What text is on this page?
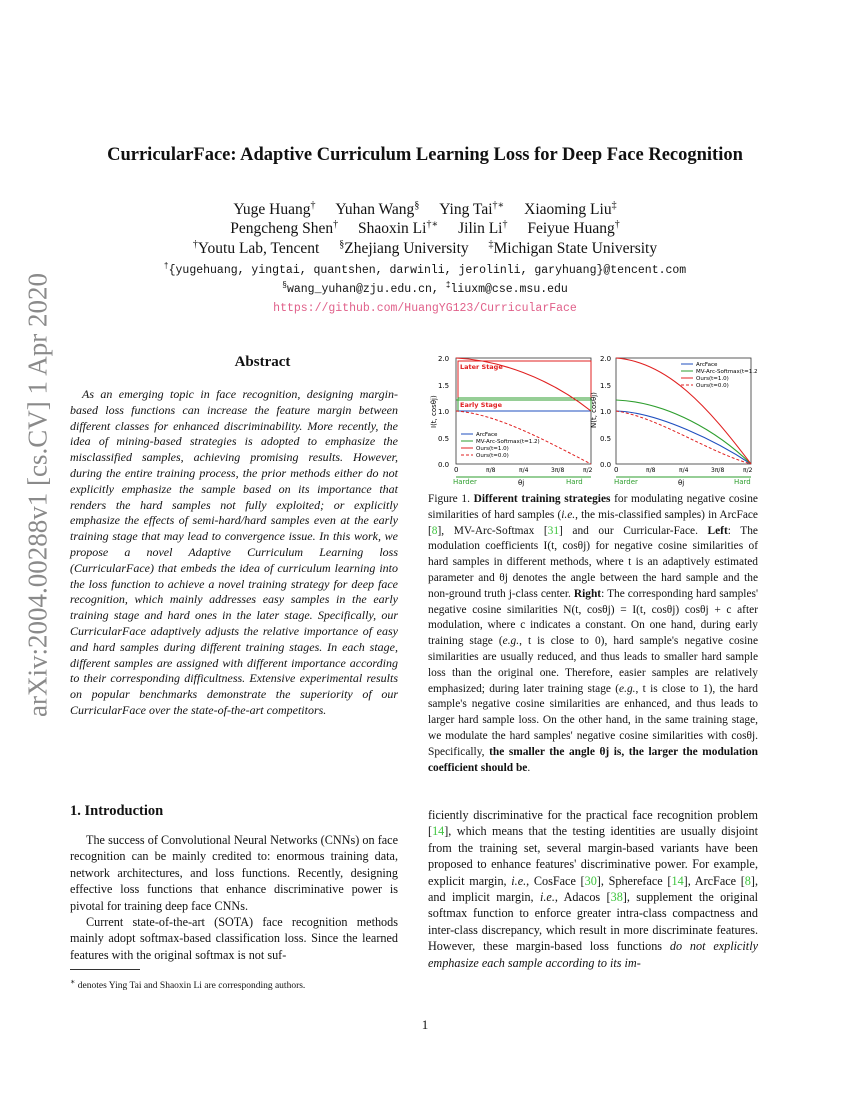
arXiv:2004.00288v1 [cs.CV] 1 Apr 2020
CurricularFace: Adaptive Curriculum Learning Loss for Deep Face Recognition
Yuge Huang† Yuhan Wang§ Ying Tai†∗ Xiaoming Liu‡
Pengcheng Shen† Shaoxin Li†∗ Jilin Li† Feiyue Huang†
†Youtu Lab, Tencent §Zhejiang University ‡Michigan State University
†{yugehuang, yingtai, quantshen, darwinli, jerolinli, garyhuang}@tencent.com
§wang_yuhan@zju.edu.cn, ‡liuxm@cse.msu.edu
https://github.com/HuangYG123/CurricularFace
Abstract
As an emerging topic in face recognition, designing margin-based loss functions can increase the feature margin between different classes for enhanced discriminability. More recently, the idea of mining-based strategies is adopted to emphasize the misclassified samples, achieving promising results. However, during the entire training process, the prior methods either do not explicitly emphasize the sample based on its importance that renders the hard samples not fully exploited; or explicitly emphasize the effects of semi-hard/hard samples even at the early training stage that may lead to convergence issue. In this work, we propose a novel Adaptive Curriculum Learning loss (CurricularFace) that embeds the idea of curriculum learning into the loss function to achieve a novel training strategy for deep face recognition, which mainly addresses easy samples in the early training stage and hard ones in the later stage. Specifically, our CurricularFace adaptively adjusts the relative importance of easy and hard samples during different training stages. In each stage, different samples are assigned with different importance according to their corresponding difficultness. Extensive experimental results on popular benchmarks demonstrate the superiority of our CurricularFace over the state-of-the-art competitors.
I(t, cosθj)
2.0
1.5
1.0
0.5
0.0
0	π/8	π/4	3π/8	π/2
Harder	θj	Hard
Later Stage
Early Stage
ArcFace
MV-Arc-Softmax(t=1.2)
Ours(t=1.0)
Ours(t=0.0)
N(t, cosθj)
2.0
1.5
1.0
0.5
0.0
0	π/8	π/4	3π/8	π/2
Harder	θj	Hard
ArcFace
MV-Arc-Softmax(t=1.2)
Ours(t=1.0)
Ours(t=0.0)
Figure 1. Different training strategies for modulating negative cosine similarities of hard samples (i.e., the mis-classified samples) in ArcFace [8], MV-Arc-Softmax [31] and our Curricular-Face. Left: The modulation coefficients I(t, cosθj) for negative cosine similarities of hard samples in different methods, where t is an adaptively estimated parameter and θj denotes the angle between the hard sample and the non-ground truth j-class center. Right: The corresponding hard samples' negative cosine similarities N(t, cosθj) = I(t, cosθj) cosθj + c after modulation, where c indicates a constant. On one hand, during early training stage (e.g., t is close to 0), hard sample's negative cosine similarities are usually reduced, and thus leads to smaller hard sample loss than the original one. Therefore, easier samples are relatively emphasized; during later training stage (e.g., t is close to 1), the hard sample's negative cosine similarities are enhanced, and thus leads to larger hard sample loss. On the other hand, in the same training stage, we modulate the hard samples' negative cosine similarities with cosθj. Specifically, the smaller the angle θj is, the larger the modulation coefficient should be.
1. Introduction

The success of Convolutional Neural Networks (CNNs) on face recognition can be mainly credited to: enormous training data, network architectures, and loss functions. Recently, designing effective loss functions that enhance discriminative power is pivotal for training deep face CNNs.

Current state-of-the-art (SOTA) face recognition methods mainly adopt softmax-based classification loss. Since the learned features with the original softmax is not suf-

ficiently discriminative for the practical face recognition problem [14], which means that the testing identities are usually disjoint from the training set, several margin-based variants have been proposed to enhance features' discriminative power. For example, explicit margin, i.e., CosFace [30], Sphereface [14], ArcFace [8], and implicit margin, i.e., Adacos [38], supplement the original softmax function to enforce greater intra-class compactness and inter-class discrepancy, which result in more discriminate features. However, these margin-based loss functions do not explicitly emphasize each sample according to its im-

∗ denotes Ying Tai and Shaoxin Li are corresponding authors.
1
